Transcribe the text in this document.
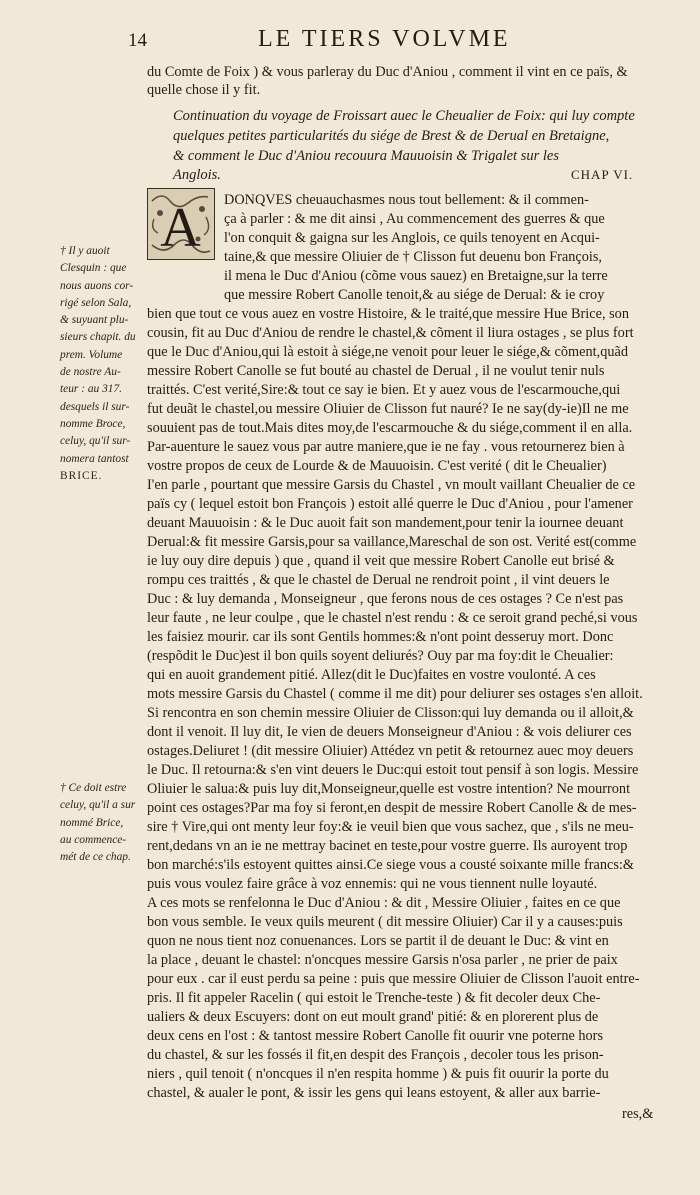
14	LE TIERS VOLVME
du Comte de Foix ) & vous parleray du Duc d'Aniou , comment il vint en ce païs, &
quelle chose il y fit.
Continuation du voyage de Froissart auec le Cheualier de Foix: qui luy compte
quelques petites particularités du siége de Brest & de Derual en Bretaigne,
& comment le Duc d'Aniou recouura Mauuoisin & Trigalet sur les
Anglois.	CHAP VI.
A DONQVES cheuauchasmes nous tout bellement: & il commen-
ça à parler : & me dit ainsi , Au commencement des guerres & que
l'on conquit & gaigna sur les Anglois, ce quils tenoyent en Acqui-
taine,& que messire Oliuier de † Clisson fut deuenu bon François,
il mena le Duc d'Aniou (cõme vous sauez) en Bretaigne,sur la terre
que messire Robert Canolle tenoit,& au siége de Derual: & ie croy
bien que tout ce vous auez en vostre Histoire, & le traité,que messire Hue Brice, son
cousin, fit au Duc d'Aniou de rendre le chastel,& cõment il liura ostages , se plus fort
que le Duc d'Aniou,qui là estoit à siége,ne venoit pour leuer le siége,& cõment,quãd
messire Robert Canolle se fut bouté au chastel de Derual , il ne voulut tenir nuls
traittés. C'est verité,Sire:& tout ce say ie bien. Et y auez vous de l'escarmouche,qui
fut deuãt le chastel,ou messire Oliuier de Clisson fut nauré? Ie ne say(dy-ie)Il ne me
souuient pas de tout.Mais dites moy,de l'escarmouche & du siége,comment il en alla.
Par-auenture le sauez vous par autre maniere,que ie ne fay . vous retournerez bien à
vostre propos de ceux de Lourde & de Mauuoisin. C'est verité ( dit le Cheualier)
I'en parle , pourtant que messire Garsis du Chastel , vn moult vaillant Cheualier de ce
païs cy ( lequel estoit bon François ) estoit allé querre le Duc d'Aniou , pour l'amener
deuant Mauuoisin : & le Duc auoit fait son mandement,pour tenir la iournee deuant
Derual:& fit messire Garsis,pour sa vaillance,Mareschal de son ost. Verité est(comme
ie luy ouy dire depuis ) que , quand il veit que messire Robert Canolle eut brisé &
rompu ces traittés , & que le chastel de Derual ne rendroit point , il vint deuers le
Duc : & luy demanda , Monseigneur , que ferons nous de ces ostages ? Ce n'est pas
leur faute , ne leur coulpe , que le chastel n'est rendu : & ce seroit grand peché,si vous
les faisiez mourir. car ils sont Gentils hommes:& n'ont point desseruy mort. Donc
(respõdit le Duc)est il bon quils soyent deliurés? Ouy par ma foy:dit le Cheualier:
qui en auoit grandement pitié. Allez(dit le Duc)faites en vostre voulonté. A ces
mots messire Garsis du Chastel ( comme il me dit) pour deliurer ses ostages s'en alloit.
Si rencontra en son chemin messire Oliuier de Clisson:qui luy demanda ou il alloit,&
dont il venoit. Il luy dit, Ie vien de deuers Monseigneur d'Aniou : & vois deliurer ces
ostages.Deliuret ! (dit messire Oliuier) Attédez vn petit & retournez auec moy deuers
le Duc. Il retourna:& s'en vint deuers le Duc:qui estoit tout pensif à son logis. Messire
Oliuier le salua:& puis luy dit,Monseigneur,quelle est vostre intention? Ne mourront
point ces ostages?Par ma foy si feront,en despit de messire Robert Canolle & de mes-
sire † Vire,qui ont menty leur foy:& ie veuil bien que vous sachez, que , s'ils ne meu-
rent,dedans vn an ie ne mettray bacinet en teste,pour vostre guerre. Ils auroyent trop
bon marché:s'ils estoyent quittes ainsi.Ce siege vous a cousté soixante mille francs:&
puis vous voulez faire grâce à voz ennemis: qui ne vous tiennent nulle loyauté.
A ces mots se renfelonna le Duc d'Aniou : & dit , Messire Oliuier , faites en ce que
bon vous semble. Ie veux quils meurent ( dit messire Oliuier) Car il y a causes:puis
quon ne nous tient noz conuenances. Lors se partit il de deuant le Duc: & vint en
la place , deuant le chastel: n'oncques messire Garsis n'osa parler , ne prier de paix
pour eux . car il eust perdu sa peine : puis que messire Oliuier de Clisson l'auoit entre-
pris. Il fit appeler Racelin ( qui estoit le Trenche-teste ) & fit decoler deux Che-
ualiers & deux Escuyers: dont on eut moult grand' pitié: & en plorerent plus de
deux cens en l'ost : & tantost messire Robert Canolle fit ouurir vne poterne hors
du chastel, & sur les fossés il fit,en despit des François , decoler tous les prison-
niers , quil tenoit ( n'oncques il n'en respita homme ) & puis fit ouurir la porte du
chastel, & aualer le pont, & issir les gens qui leans estoyent, & aller aux barrie-
res,&
† Il y auoit
Clesquin : que
nous auons cor-
rigé selon Sala,
& suyuant plu-
sieurs chapit. du
prem. Volume
de nostre Au-
teur : au 317.
desquels il sur-
nomme Broce,
celuy, qu'il sur-
nomera tantost
BRICE.
† Ce doit estre
celuy, qu'il a sur
nommé Brice,
au commence-
mét de ce chap.
